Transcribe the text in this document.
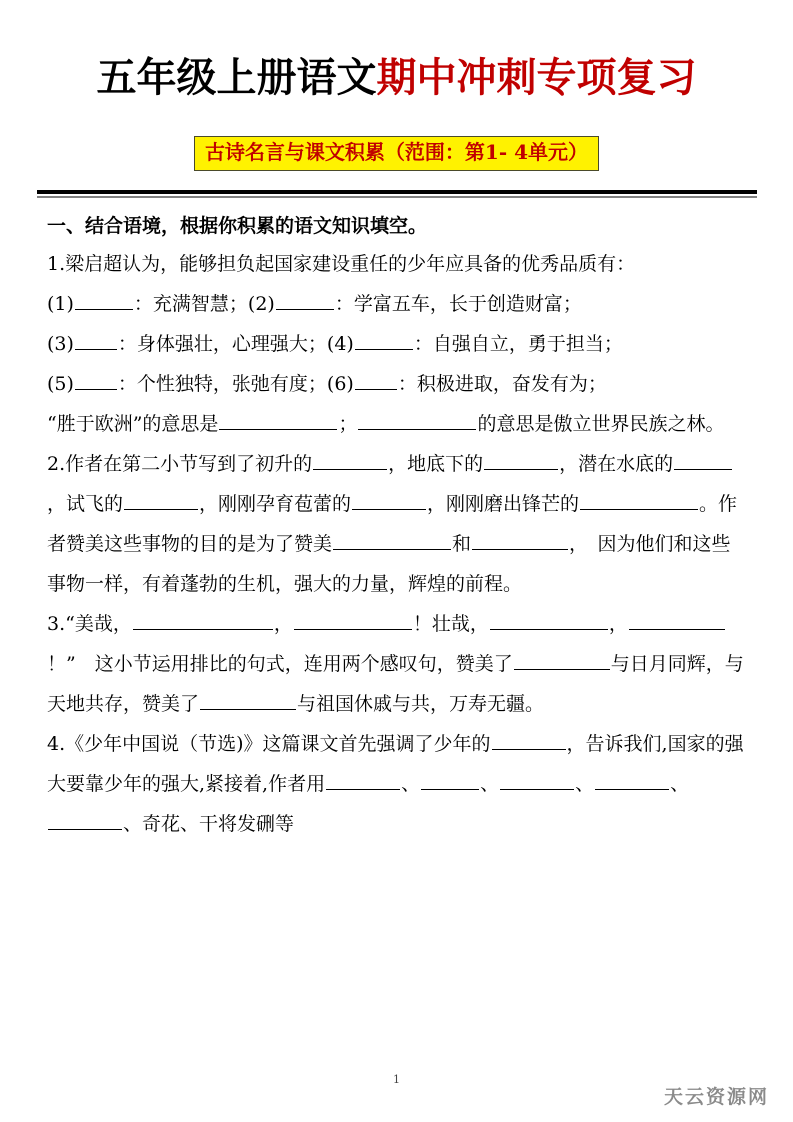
五年级上册语文期中冲刺专项复习
古诗名言与课文积累（范围：第1- 4单元）

一、结合语境，根据你积累的语文知识填空。

1.梁启超认为，能够担负起国家建设重任的少年应具备的优秀品质有：

(1)	：充满智慧；(2)	：学富五车，长于创造财富；

(3) ：身体强壮，心理强大；(4)	：自强自立，勇于担当；

(5) ：个性独特，张弛有度；(6) ：积极进取，奋发有为；

“胜于欧洲”的意思是	；	的意思是傲立世界民族之林。

2.作者在第二小节写到了初升的	，地底下的	，潜在水底的，试飞的	，刚刚孕育苞蕾的	，刚刚磨出锋芒的	。作者赞美这些事物的目的是为了赞美	和	，　因为他们和这些事物一样，有着蓬勃的生机，强大的力量，辉煌的前程。

3.“美哉，	，	！壮哉，	，！”　这小节运用排比的句式，连用两个感叹句，赞美了	与日月同辉，与天地共存，赞美了	与祖国休戚与共，万寿无疆。

4.《少年中国说（节选)》这篇课文首先强调了少年的	，告诉我们,国家的强大要靠少年的强大,紧接着,作者用	、	、	、	、、奇花、干将发硎等

1
天云资源网
